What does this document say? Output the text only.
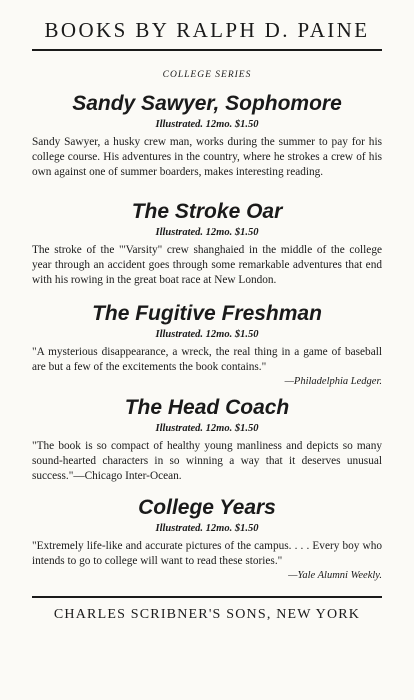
BOOKS BY RALPH D. PAINE
COLLEGE SERIES
Sandy Sawyer, Sophomore

Illustrated. 12mo. $1.50

Sandy Sawyer, a husky crew man, works during the summer to pay for his college course. His adventures in the country, where he strokes a crew of his own against one of summer boarders, makes interesting reading.

The Stroke Oar

Illustrated. 12mo. $1.50

The stroke of the "'Varsity" crew shanghaied in the middle of the college year through an accident goes through some remarkable adventures that end with his rowing in the great boat race at New London.

The Fugitive Freshman

Illustrated. 12mo. $1.50

"A mysterious disappearance, a wreck, the real thing in a game of baseball are but a few of the excitements the book contains."

—Philadelphia Ledger.

The Head Coach

Illustrated. 12mo. $1.50

"The book is so compact of healthy young manliness and depicts so many sound-hearted characters in so winning a way that it deserves unusual success."—Chicago Inter-Ocean.

College Years

Illustrated. 12mo. $1.50

"Extremely life-like and accurate pictures of the campus. . . . Every boy who intends to go to college will want to read these stories."

—Yale Alumni Weekly.

CHARLES SCRIBNER'S SONS, NEW YORK
